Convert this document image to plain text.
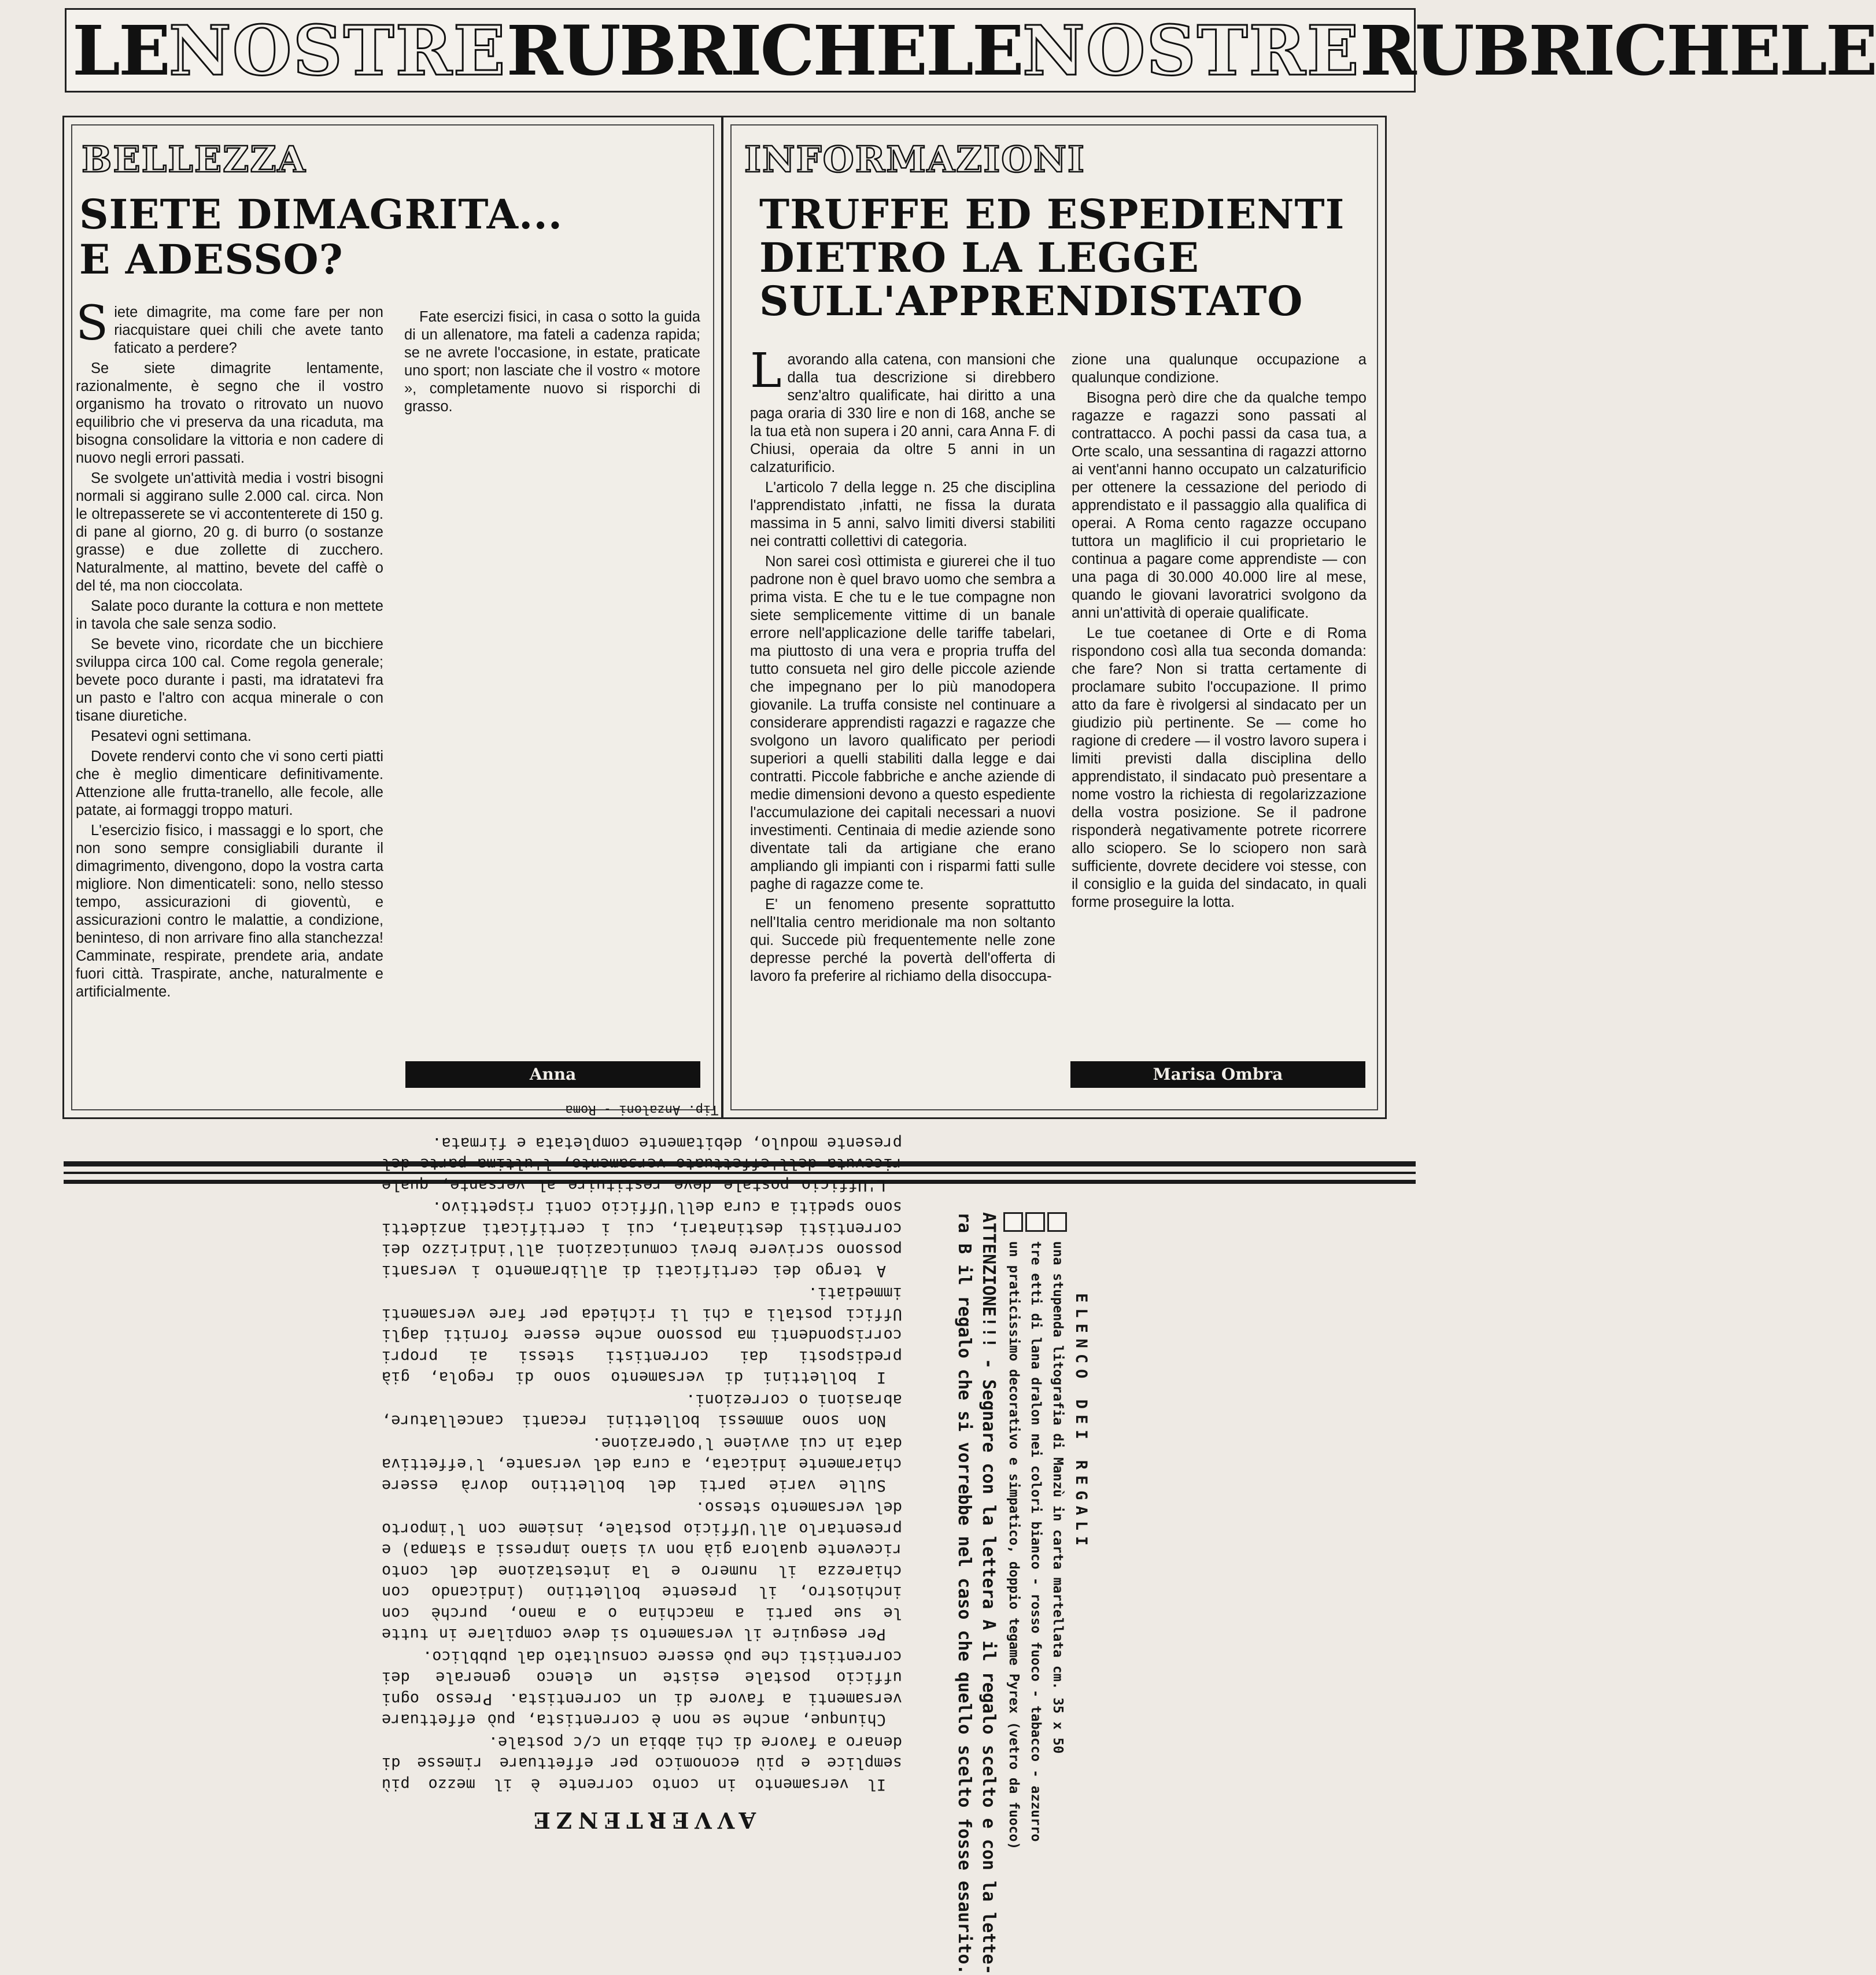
LE NOSTRE RUBRICHE LE NOSTRE RUBRICHE LE
BELLEZZA
SIETE DIMAGRITA...
E ADESSO?

Siete dimagrite, ma come fare per non riacquistare quei chili che avete tanto faticato a perdere?

Se siete dimagrite lentamente, razionalmente, è segno che il vostro organismo ha trovato o ritrovato un nuovo equilibrio che vi preserva da una ricaduta, ma bisogna consolidare la vittoria e non cadere di nuovo negli errori passati.

Se svolgete un'attività media i vostri bisogni normali si aggirano sulle 2.000 cal. circa. Non le oltrepasserete se vi accontenterete di 150 g. di pane al giorno, 20 g. di burro (o sostanze grasse) e due zollette di zucchero. Naturalmente, al mattino, bevete del caffè o del té, ma non cioccolata.

Salate poco durante la cottura e non mettete in tavola che sale senza sodio.

Se bevete vino, ricordate che un bicchiere sviluppa circa 100 cal. Come regola generale; bevete poco durante i pasti, ma idratatevi fra un pasto e l'altro con acqua minerale o con tisane diuretiche.

Pesatevi ogni settimana.

Dovete rendervi conto che vi sono certi piatti che è meglio dimenticare definitivamente. Attenzione alle frutta-tranello, alle fecole, alle patate, ai formaggi troppo maturi.

L'esercizio fisico, i massaggi e lo sport, che non sono sempre consigliabili durante il dimagrimento, divengono, dopo la vostra carta migliore. Non dimenticateli: sono, nello stesso tempo, assicurazioni di gioventù, e assicurazioni contro le malattie, a condizione, beninteso, di non arrivare fino alla stanchezza! Camminate, respirate, prendete aria, andate fuori città. Traspirate, anche, naturalmente e artificialmente.

Fate esercizi fisici, in casa o sotto la guida di un allenatore, ma fateli a cadenza rapida; se ne avrete l'occasione, in estate, praticate uno sport; non lasciate che il vostro « motore », completamente nuovo si risporchi di grasso.

Anna
INFORMAZIONI
TRUFFE ED ESPEDIENTI
DIETRO LA LEGGE
SULL'APPRENDISTATO

Lavorando alla catena, con mansioni che dalla tua descrizione si direbbero senz'altro qualificate, hai diritto a una paga oraria di 330 lire e non di 168, anche se la tua età non supera i 20 anni, cara Anna F. di Chiusi, operaia da oltre 5 anni in un calzaturificio.

L'articolo 7 della legge n. 25 che disciplina l'apprendistato ,infatti, ne fissa la durata massima in 5 anni, salvo limiti diversi stabiliti nei contratti collettivi di categoria.

Non sarei così ottimista e giurerei che il tuo padrone non è quel bravo uomo che sembra a prima vista. E che tu e le tue compagne non siete semplicemente vittime di un banale errore nell'applicazione delle tariffe tabelari, ma piuttosto di una vera e propria truffa del tutto consueta nel giro delle piccole aziende che impegnano per lo più manodopera giovanile. La truffa consiste nel continuare a considerare apprendisti ragazzi e ragazze che svolgono un lavoro qualificato per periodi superiori a quelli stabiliti dalla legge e dai contratti. Piccole fabbriche e anche aziende di medie dimensioni devono a questo espediente l'accumulazione dei capitali necessari a nuovi investimenti. Centinaia di medie aziende sono diventate tali da artigiane che erano ampliando gli impianti con i risparmi fatti sulle paghe di ragazze come te.

E' un fenomeno presente soprattutto nell'Italia centro meridionale ma non soltanto qui. Succede più frequentemente nelle zone depresse perché la povertà dell'offerta di lavoro fa preferire al richiamo della disoccupa-

zione una qualunque occupazione a qualunque condizione.

Bisogna però dire che da qualche tempo ragazze e ragazzi sono passati al contrattacco. A pochi passi da casa tua, a Orte scalo, una sessantina di ragazzi attorno ai vent'anni hanno occupato un calzaturificio per ottenere la cessazione del periodo di apprendistato e il passaggio alla qualifica di operai. A Roma cento ragazze occupano tuttora un maglificio il cui proprietario le continua a pagare come apprendiste — con una paga di 30.000 40.000 lire al mese, quando le giovani lavoratrici svolgono da anni un'attività di operaie qualificate.

Le tue coetanee di Orte e di Roma rispondono così alla tua seconda domanda: che fare? Non si tratta certamente di proclamare subito l'occupazione. Il primo atto da fare è rivolgersi al sindacato per un giudizio più pertinente. Se — come ho ragione di credere — il vostro lavoro supera i limiti previsti dalla disciplina dello apprendistato, il sindacato può presentare a nome vostro la richiesta di regolarizzazione della vostra posizione. Se il padrone risponderà negativamente potrete ricorrere allo sciopero. Se lo sciopero non sarà sufficiente, dovrete decidere voi stesse, con il consiglio e la guida del sindacato, in quali forme proseguire la lotta.

Marisa Ombra
AVVERTENZE

Il versamento in conto corrente è il mezzo più semplice e più economico per effettuare rimesse di denaro a favore di chi abbia un c/c postale.

Chiunque, anche se non è correntista, può effettuare versamenti a favore di un correntista. Presso ogni ufficio postale esiste un elenco generale dei correntisti che può essere consultato dal pubblico.

Per eseguire il versamento si deve compilare in tutte le sue parti a macchina o a mano, purchè con inchiostro, il presente bollettino (indicando con chiarezza il numero e la intestazione del conto ricevente qualora già non vi siano impressi a stampa) e presentarlo all'Ufficio postale, insieme con l'importo del versamento stesso.

Sulle varie parti del bollettino dovrà essere chiaramente indicata, a cura del versante, l'effettiva data in cui avviene l'operazione.

Non sono ammessi bollettini recanti cancellature, abrasioni o correzioni.

I bollettini di versamento sono di regola, già predisposti dai correntisti stessi ai propri corrispondenti ma possono anche essere forniti dagli Uffici postali a chi li richieda per fare versamenti immediati.

A tergo dei certificati di allibramento i versanti possono scrivere brevi comunicazioni all'indirizzo dei correntisti destinatari, cui i certificati anzidetti sono spediti a cura dell'Ufficio conti rispettivo.

L'Ufficio postale deve restituire al versante, quale ricevuta dell'effettuato versamento, l'ultima parte del presente modulo, debitamente completata e firmata.

Tip. Anzaloni - Roma
ELENCO DEI REGALI
una stupenda litografia di Manzù in carta martellata cm. 35 x 50
tre etti di lana dralon nei colori bianco - rosso fuoco - tabacco - azzurro
un praticissimo decorativo e simpatico, doppio tegame Pyrex (vetro da fuoco)
ATTENZIONE!!! - Segnare con la lettera A il regalo scelto e con la lette-
ra B il regalo che si vorrebbe nel caso che quello scelto fosse esaurito.
